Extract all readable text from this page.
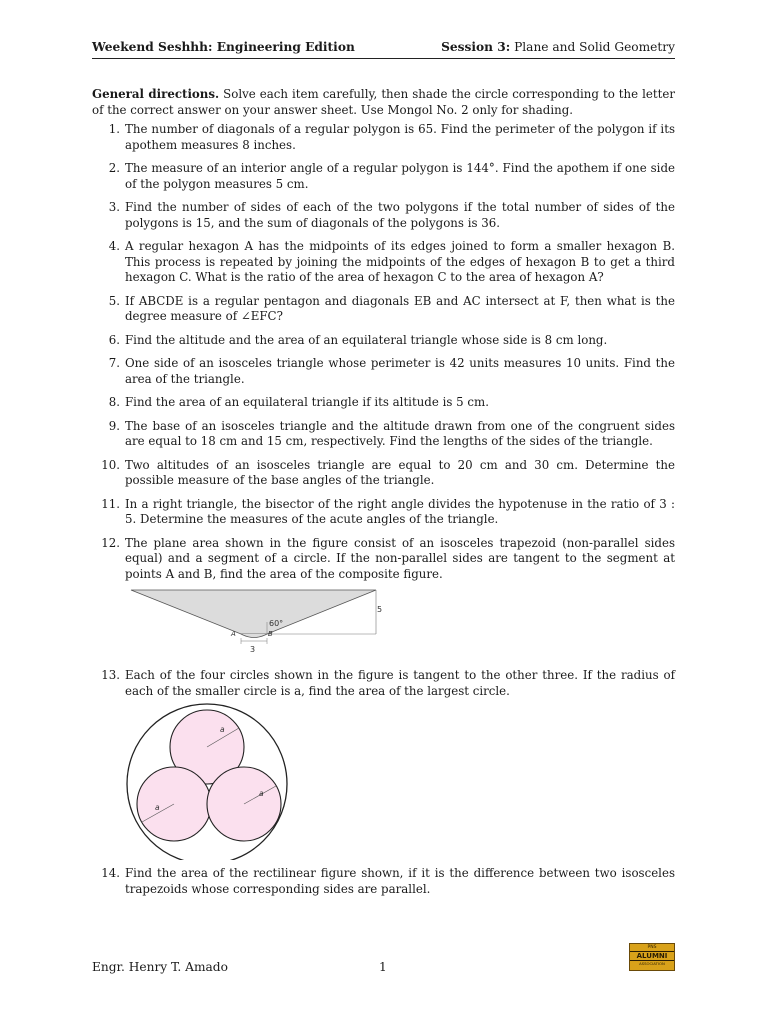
Weekend Seshhh: Engineering Edition	Session 3: Plane and Solid Geometry

General directions. Solve each item carefully, then shade the circle corresponding to the letter of the correct answer on your answer sheet. Use Mongol No. 2 only for shading.

1. The number of diagonals of a regular polygon is 65. Find the perimeter of the polygon if its apothem measures 8 inches.
2. The measure of an interior angle of a regular polygon is 144°. Find the apothem if one side of the polygon measures 5 cm.
3. Find the number of sides of each of the two polygons if the total number of sides of the polygons is 15, and the sum of diagonals of the polygons is 36.
4. A regular hexagon A has the midpoints of its edges joined to form a smaller hexagon B. This process is repeated by joining the midpoints of the edges of hexagon B to get a third hexagon C. What is the ratio of the area of hexagon C to the area of hexagon A?
5. If ABCDE is a regular pentagon and diagonals EB and AC intersect at F, then what is the degree measure of ∠EFC?
6. Find the altitude and the area of an equilateral triangle whose side is 8 cm long.
7. One side of an isosceles triangle whose perimeter is 42 units measures 10 units. Find the area of the triangle.
8. Find the area of an equilateral triangle if its altitude is 5 cm.
9. The base of an isosceles triangle and the altitude drawn from one of the congruent sides are equal to 18 cm and 15 cm, respectively. Find the lengths of the sides of the triangle.
10. Two altitudes of an isosceles triangle are equal to 20 cm and 30 cm. Determine the possible measure of the base angles of the triangle.
11. In a right triangle, the bisector of the right angle divides the hypotenuse in the ratio of 3 : 5. Determine the measures of the acute angles of the triangle.
12. The plane area shown in the figure consist of an isosceles trapezoid (non-parallel sides equal) and a segment of a circle. If the non-parallel sides are tangent to the segment at points A and B, find the area of the composite figure.
5
60°
A	B
3
13. Each of the four circles shown in the figure is tangent to the other three. If the radius of each of the smaller circle is a, find the area of the largest circle.
a
a
a
14. Find the area of the rectilinear figure shown, if it is the difference between two isosceles trapezoids whose corresponding sides are parallel.
Engr. Henry T. Amado	1
PNS
ALUMNI
ASSOCIATION
